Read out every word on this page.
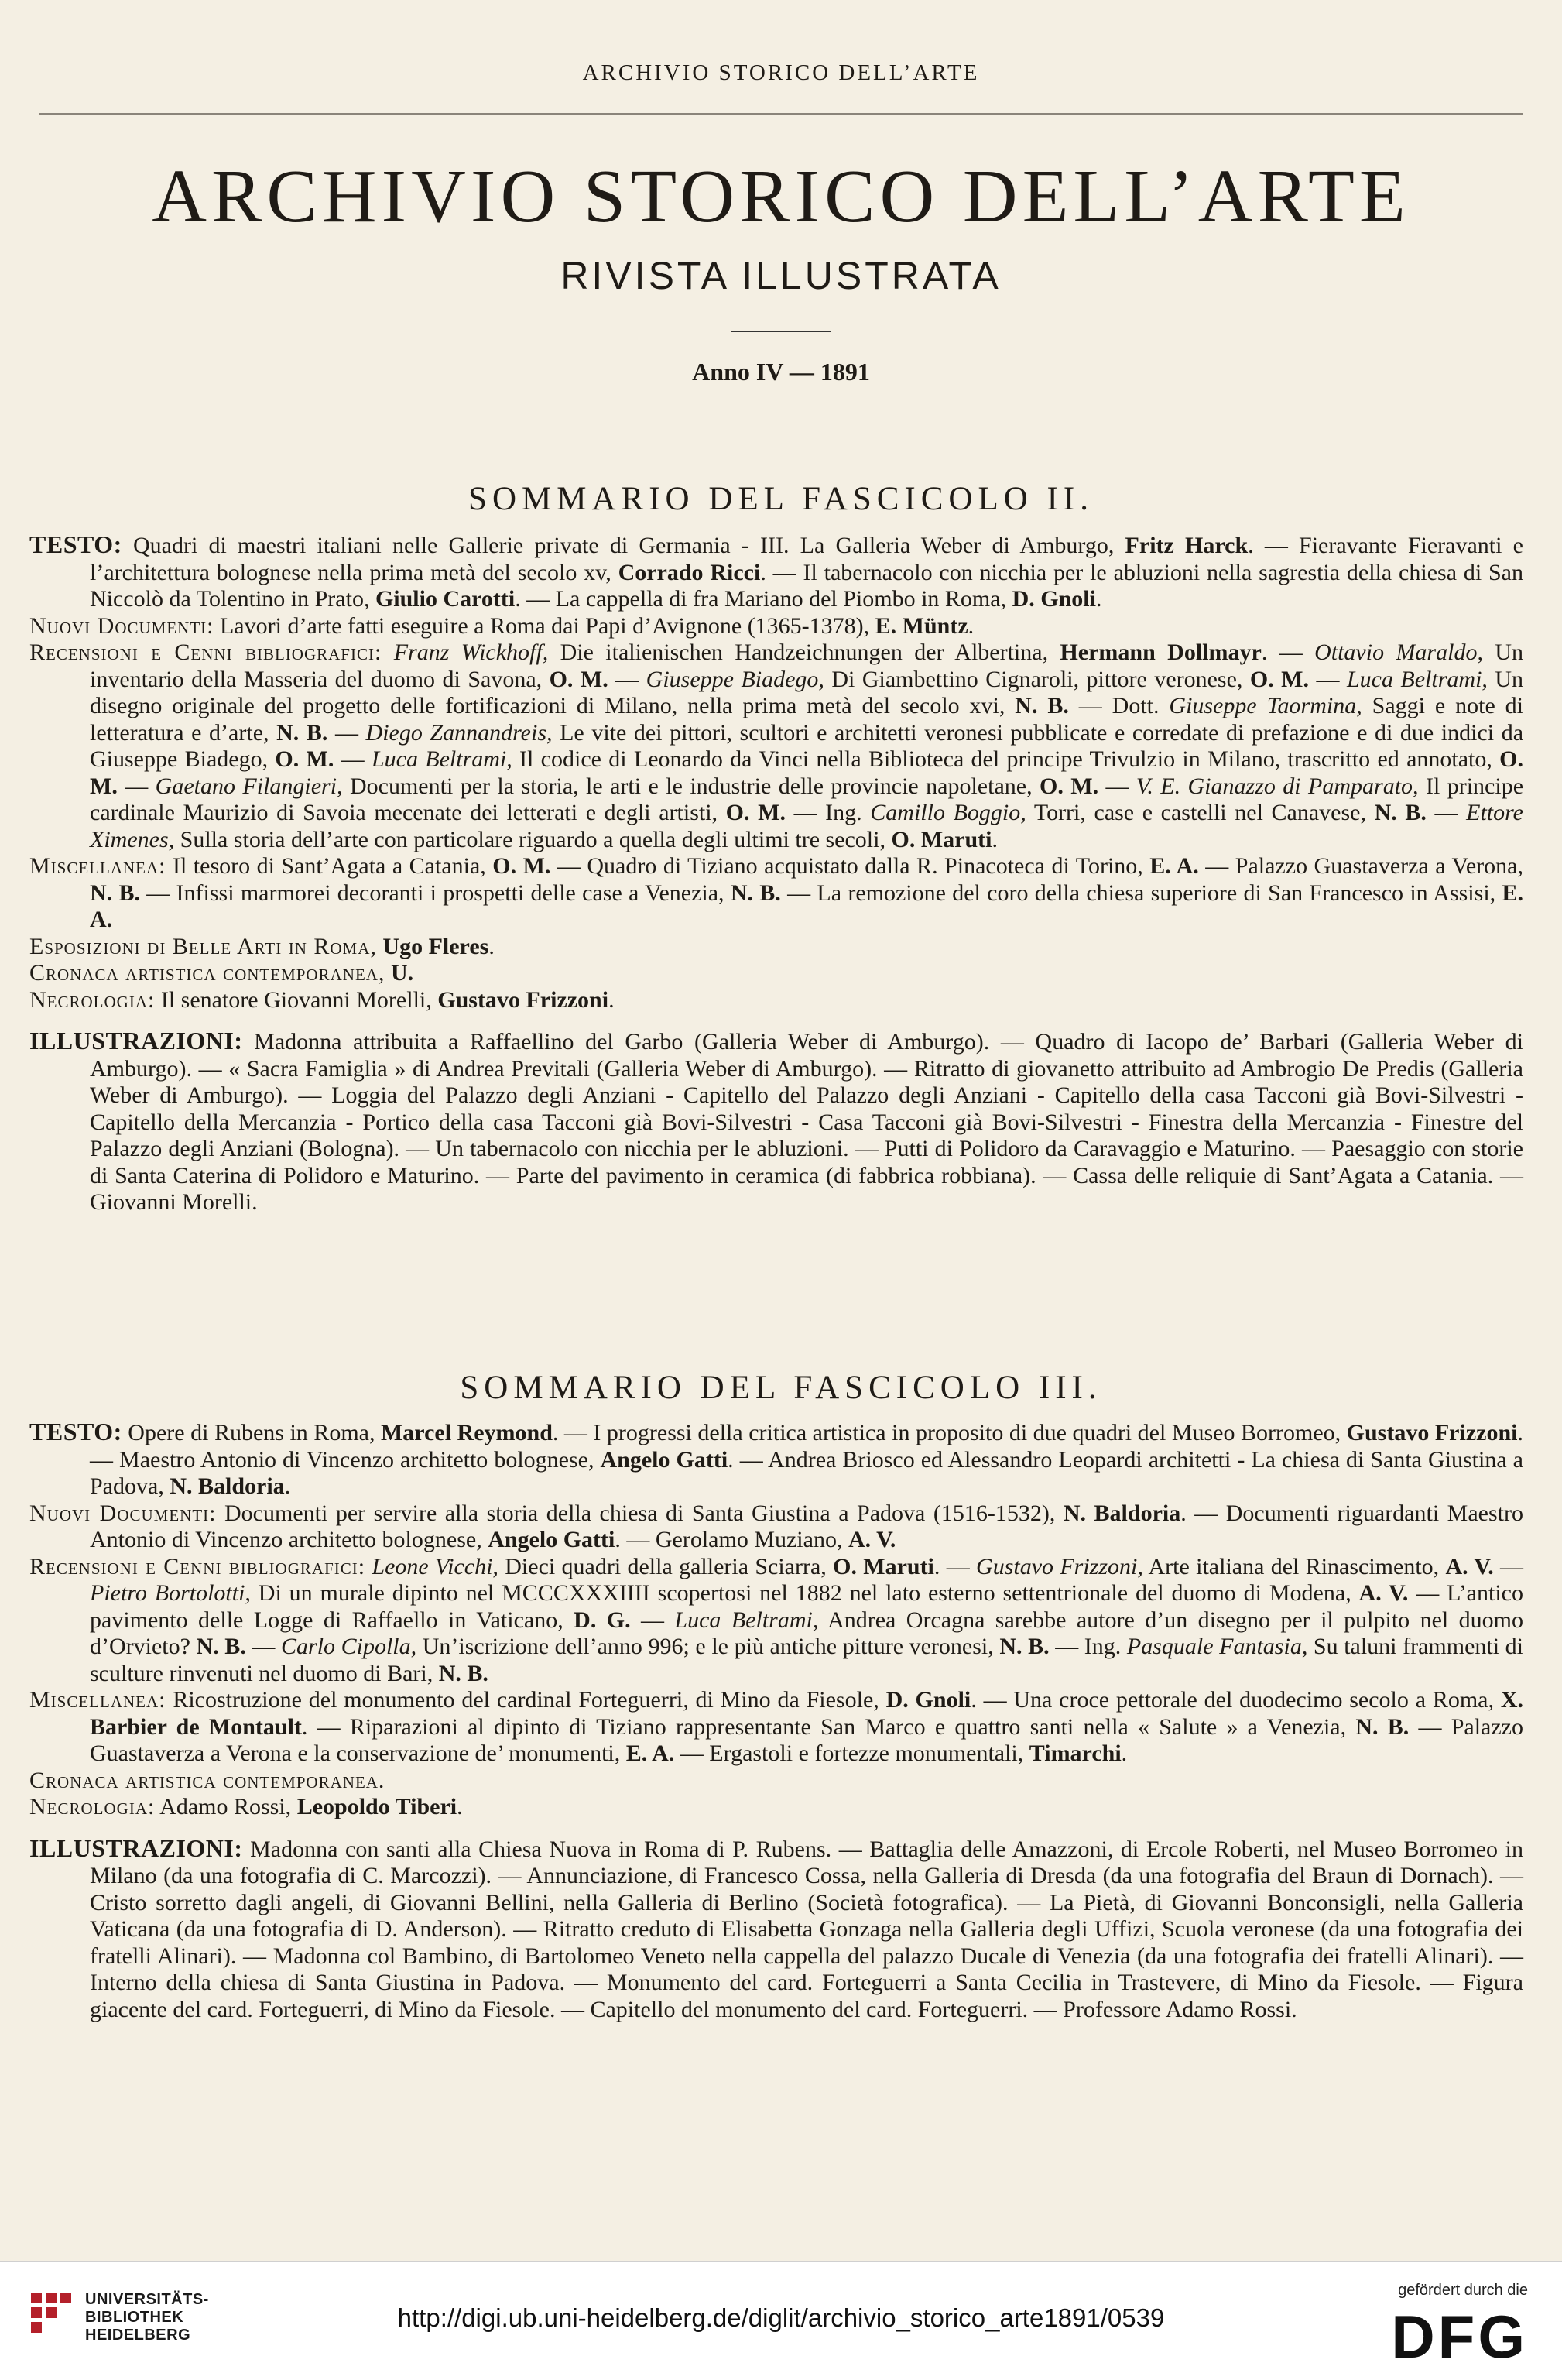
ARCHIVIO STORICO DELL’ARTE
ARCHIVIO STORICO DELL’ARTE
RIVISTA ILLUSTRATA
Anno IV — 1891
SOMMARIO DEL FASCICOLO II.

TESTO: Quadri di maestri italiani nelle Gallerie private di Germania - III. La Galleria Weber di Amburgo, Fritz Harck. — Fieravante Fieravanti e l’architettura bolognese nella prima metà del secolo xv, Corrado Ricci. — Il tabernacolo con nicchia per le abluzioni nella sagrestia della chiesa di San Niccolò da Tolentino in Prato, Giulio Carotti. — La cappella di fra Mariano del Piombo in Roma, D. Gnoli.

Nuovi Documenti: Lavori d’arte fatti eseguire a Roma dai Papi d’Avignone (1365-1378), E. Müntz.

Recensioni e Cenni bibliografici: Franz Wickhoff, Die italienischen Handzeichnungen der Albertina, Hermann Dollmayr. — Ottavio Maraldo, Un inventario della Masseria del duomo di Savona, O. M. — Giuseppe Biadego, Di Giambettino Cignaroli, pittore veronese, O. M. — Luca Beltrami, Un disegno originale del progetto delle fortificazioni di Milano, nella prima metà del secolo xvi, N. B. — Dott. Giuseppe Taormina, Saggi e note di letteratura e d’arte, N. B. — Diego Zannandreis, Le vite dei pittori, scultori e architetti veronesi pubblicate e corredate di prefazione e di due indici da Giuseppe Biadego, O. M. — Luca Beltrami, Il codice di Leonardo da Vinci nella Biblioteca del principe Trivulzio in Milano, trascritto ed annotato, O. M. — Gaetano Filangieri, Documenti per la storia, le arti e le industrie delle provincie napoletane, O. M. — V. E. Gianazzo di Pamparato, Il principe cardinale Maurizio di Savoia mecenate dei letterati e degli artisti, O. M. — Ing. Camillo Boggio, Torri, case e castelli nel Canavese, N. B. — Ettore Ximenes, Sulla storia dell’arte con particolare riguardo a quella degli ultimi tre secoli, O. Maruti.

Miscellanea: Il tesoro di Sant’Agata a Catania, O. M. — Quadro di Tiziano acquistato dalla R. Pinacoteca di Torino, E. A. — Palazzo Guastaverza a Verona, N. B. — Infissi marmorei decoranti i prospetti delle case a Venezia, N. B. — La remozione del coro della chiesa superiore di San Francesco in Assisi, E. A.

Esposizioni di Belle Arti in Roma, Ugo Fleres.

Cronaca artistica contemporanea, U.

Necrologia: Il senatore Giovanni Morelli, Gustavo Frizzoni.

ILLUSTRAZIONI: Madonna attribuita a Raffaellino del Garbo (Galleria Weber di Amburgo). — Quadro di Iacopo de’ Barbari (Galleria Weber di Amburgo). — « Sacra Famiglia » di Andrea Previtali (Galleria Weber di Amburgo). — Ritratto di giovanetto attribuito ad Ambrogio De Predis (Galleria Weber di Amburgo). — Loggia del Palazzo degli Anziani - Capitello del Palazzo degli Anziani - Capitello della casa Tacconi già Bovi-Silvestri - Capitello della Mercanzia - Portico della casa Tacconi già Bovi-Silvestri - Casa Tacconi già Bovi-Silvestri - Finestra della Mercanzia - Finestre del Palazzo degli Anziani (Bologna). — Un tabernacolo con nicchia per le abluzioni. — Putti di Polidoro da Caravaggio e Maturino. — Paesaggio con storie di Santa Caterina di Polidoro e Maturino. — Parte del pavimento in ceramica (di fabbrica robbiana). — Cassa delle reliquie di Sant’Agata a Catania. — Giovanni Morelli.

SOMMARIO DEL FASCICOLO III.

TESTO: Opere di Rubens in Roma, Marcel Reymond. — I progressi della critica artistica in proposito di due quadri del Museo Borromeo, Gustavo Frizzoni. — Maestro Antonio di Vincenzo architetto bolognese, Angelo Gatti. — Andrea Briosco ed Alessandro Leopardi architetti - La chiesa di Santa Giustina a Padova, N. Baldoria.

Nuovi Documenti: Documenti per servire alla storia della chiesa di Santa Giustina a Padova (1516-1532), N. Baldoria. — Documenti riguardanti Maestro Antonio di Vincenzo architetto bolognese, Angelo Gatti. — Gerolamo Muziano, A. V.

Recensioni e Cenni bibliografici: Leone Vicchi, Dieci quadri della galleria Sciarra, O. Maruti. — Gustavo Frizzoni, Arte italiana del Rinascimento, A. V. — Pietro Bortolotti, Di un murale dipinto nel MCCCXXXIIII scopertosi nel 1882 nel lato esterno settentrionale del duomo di Modena, A. V. — L’antico pavimento delle Logge di Raffaello in Vaticano, D. G. — Luca Beltrami, Andrea Orcagna sarebbe autore d’un disegno per il pulpito nel duomo d’Orvieto? N. B. — Carlo Cipolla, Un’iscrizione dell’anno 996; e le più antiche pitture veronesi, N. B. — Ing. Pasquale Fantasia, Su taluni frammenti di sculture rinvenuti nel duomo di Bari, N. B.

Miscellanea: Ricostruzione del monumento del cardinal Forteguerri, di Mino da Fiesole, D. Gnoli. — Una croce pettorale del duodecimo secolo a Roma, X. Barbier de Montault. — Riparazioni al dipinto di Tiziano rappresentante San Marco e quattro santi nella « Salute » a Venezia, N. B. — Palazzo Guastaverza a Verona e la conservazione de’ monumenti, E. A. — Ergastoli e fortezze monumentali, Timarchi.

Cronaca artistica contemporanea.

Necrologia: Adamo Rossi, Leopoldo Tiberi.

ILLUSTRAZIONI: Madonna con santi alla Chiesa Nuova in Roma di P. Rubens. — Battaglia delle Amazzoni, di Ercole Roberti, nel Museo Borromeo in Milano (da una fotografia di C. Marcozzi). — Annunciazione, di Francesco Cossa, nella Galleria di Dresda (da una fotografia del Braun di Dornach). — Cristo sorretto dagli angeli, di Giovanni Bellini, nella Galleria di Berlino (Società fotografica). — La Pietà, di Giovanni Bonconsigli, nella Galleria Vaticana (da una fotografia di D. Anderson). — Ritratto creduto di Elisabetta Gonzaga nella Galleria degli Uffizi, Scuola veronese (da una fotografia dei fratelli Alinari). — Madonna col Bambino, di Bartolomeo Veneto nella cappella del palazzo Ducale di Venezia (da una fotografia dei fratelli Alinari). — Interno della chiesa di Santa Giustina in Padova. — Monumento del card. Forteguerri a Santa Cecilia in Trastevere, di Mino da Fiesole. — Figura giacente del card. Forteguerri, di Mino da Fiesole. — Capitello del monumento del card. Forteguerri. — Professore Adamo Rossi.

UNIVERSITÄTS-
BIBLIOTHEK
HEIDELBERG
http://digi.ub.uni-heidelberg.de/diglit/archivio_storico_arte1891/0539
gefördert durch die
DFG
